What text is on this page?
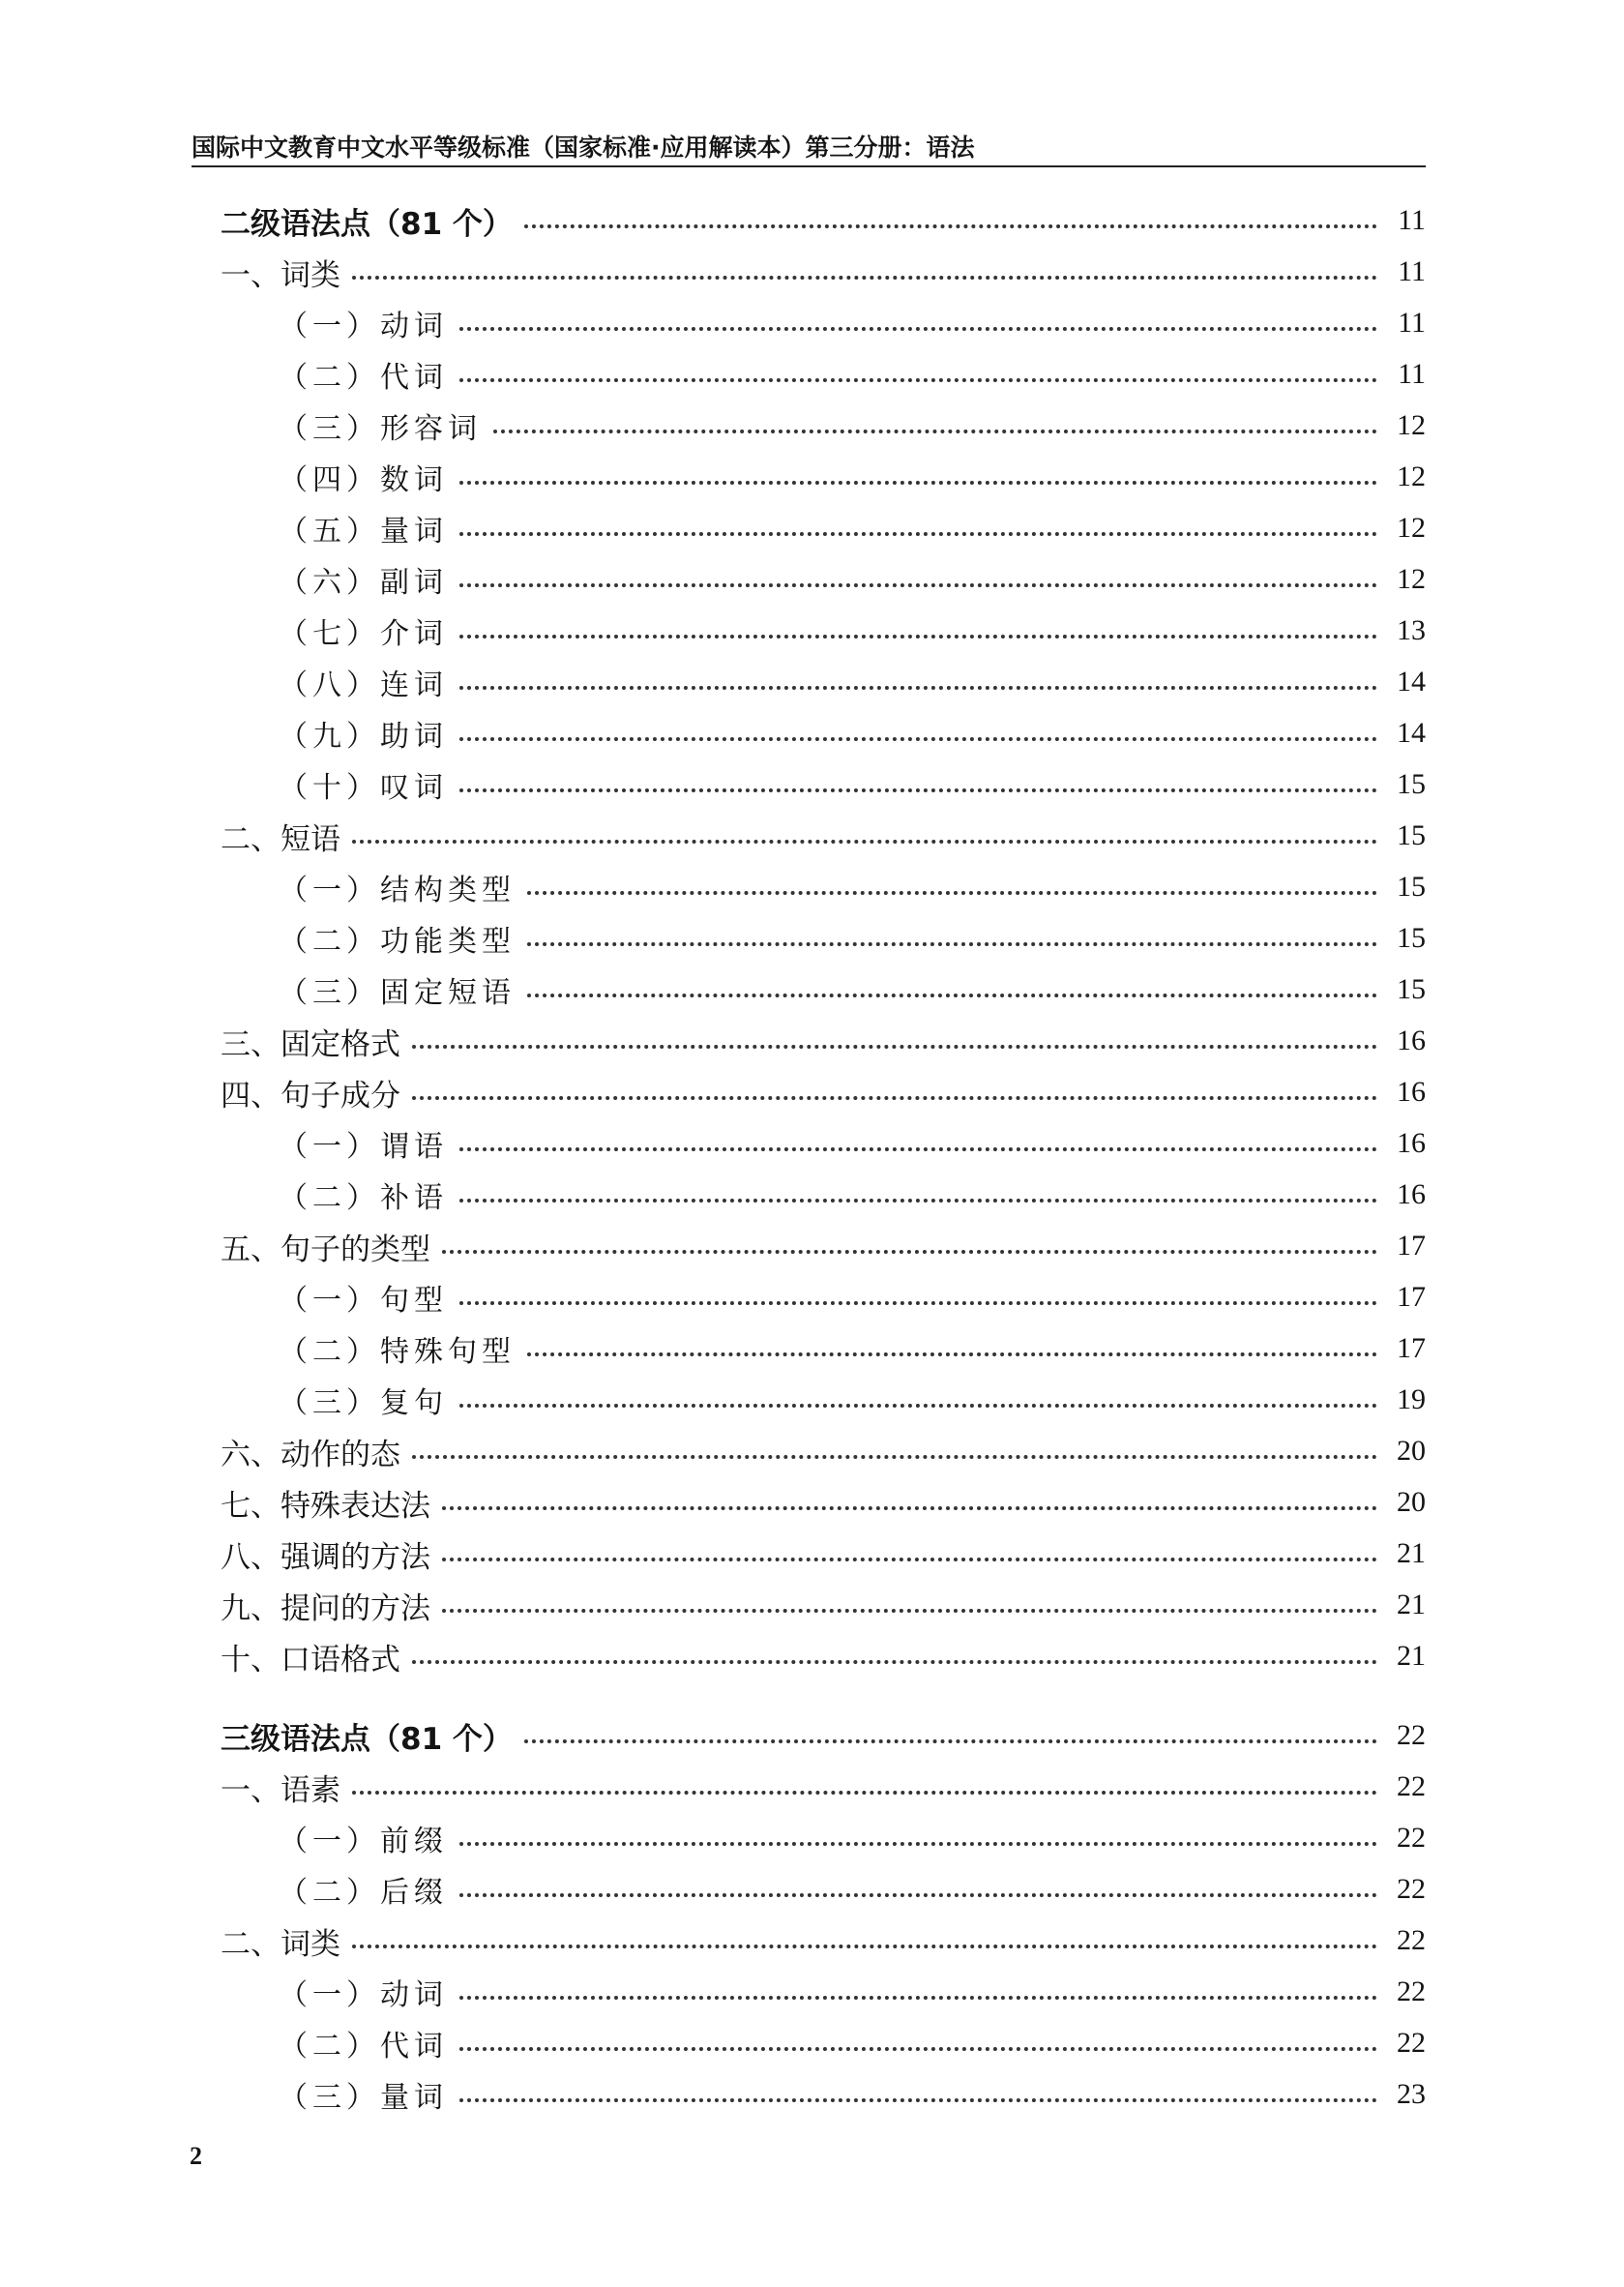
国际中文教育中文水平等级标准（国家标准·应用解读本）第三分册：语法
二级语法点（81 个）	11
一、词类	11
（一）动词	11
（二）代词	11
（三）形容词	12
（四）数词	12
（五）量词	12
（六）副词	12
（七）介词	13
（八）连词	14
（九）助词	14
（十）叹词	15
二、短语	15
（一）结构类型	15
（二）功能类型	15
（三）固定短语	15
三、固定格式	16
四、句子成分	16
（一）谓语	16
（二）补语	16
五、句子的类型	17
（一）句型	17
（二）特殊句型	17
（三）复句	19
六、动作的态	20
七、特殊表达法	20
八、强调的方法	21
九、提问的方法	21
十、口语格式	21
三级语法点（81 个）	22
一、语素	22
（一）前缀	22
（二）后缀	22
二、词类	22
（一）动词	22
（二）代词	22
（三）量词	23
2
